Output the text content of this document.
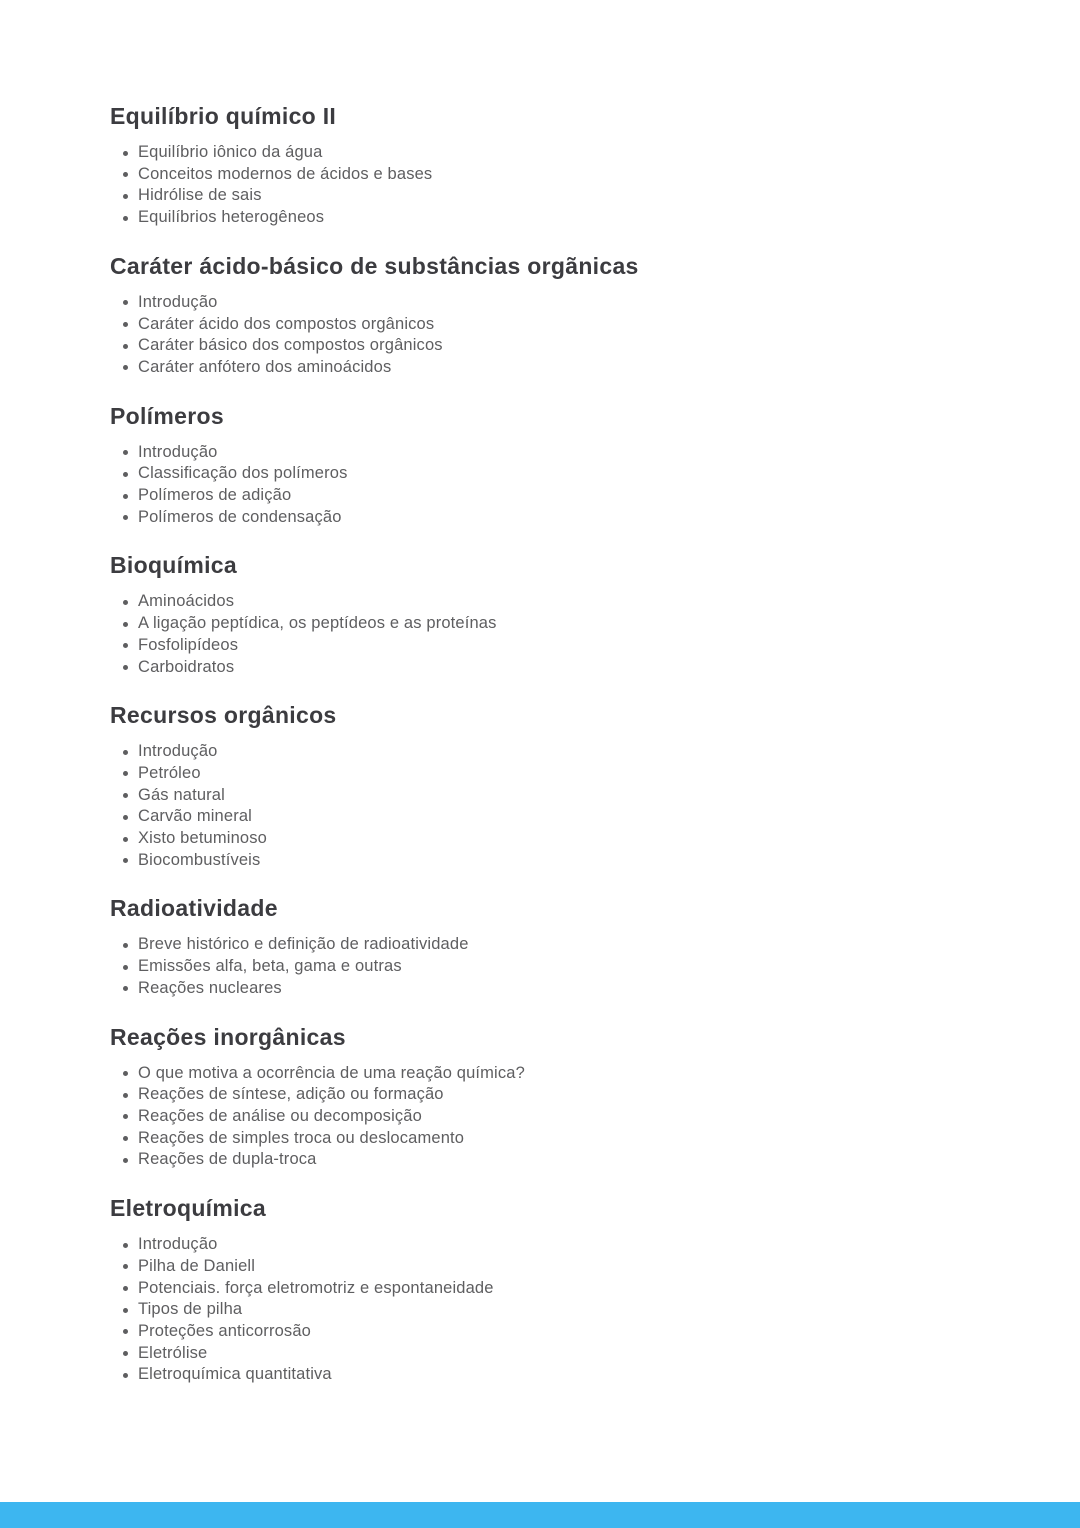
Equilíbrio químico II
Equilíbrio iônico da água
Conceitos modernos de ácidos e bases
Hidrólise de sais
Equilíbrios heterogêneos
Caráter ácido-básico de substâncias orgãnicas
Introdução
Caráter ácido dos compostos orgânicos
Caráter básico dos compostos orgânicos
Caráter anfótero dos aminoácidos
Polímeros
Introdução
Classificação dos polímeros
Polímeros de adição
Polímeros de condensação
Bioquímica
Aminoácidos
A ligação peptídica, os peptídeos e as proteínas
Fosfolipídeos
Carboidratos
Recursos orgânicos
Introdução
Petróleo
Gás natural
Carvão mineral
Xisto betuminoso
Biocombustíveis
Radioatividade
Breve histórico e definição de radioatividade
Emissões alfa, beta, gama e outras
Reações nucleares
Reações inorgânicas
O que motiva a ocorrência de uma reação química?
Reações de síntese, adição ou formação
Reações de análise ou decomposição
Reações de simples troca ou deslocamento
Reações de dupla-troca
Eletroquímica
Introdução
Pilha de Daniell
Potenciais. força eletromotriz e espontaneidade
Tipos de pilha
Proteções anticorrosão
Eletrólise
Eletroquímica quantitativa
